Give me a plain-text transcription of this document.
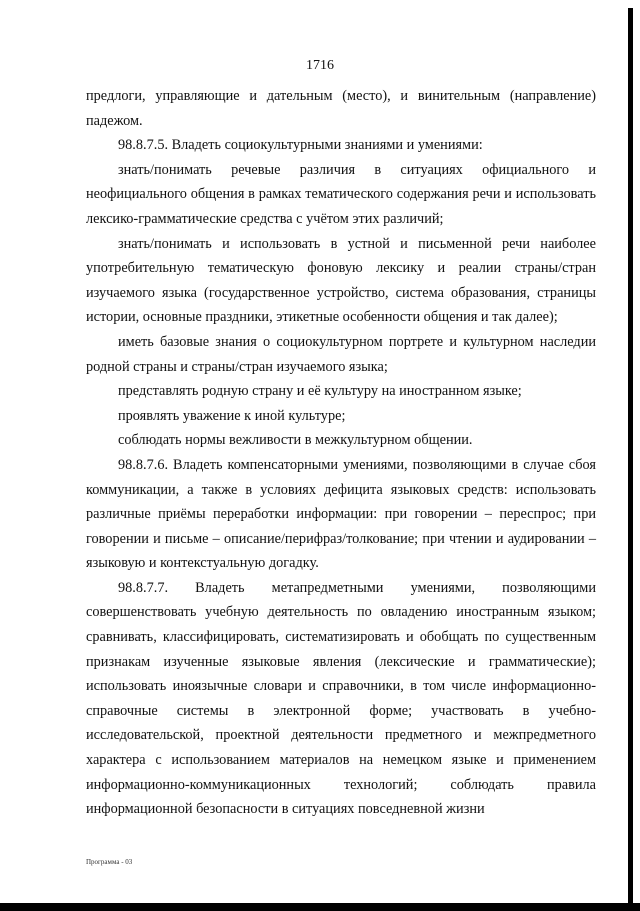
1716

предлоги, управляющие и дательным (место), и винительным (направление) падежом.

98.8.7.5. Владеть социокультурными знаниями и умениями:

знать/понимать речевые различия в ситуациях официального и неофициального общения в рамках тематического содержания речи и использовать лексико-грамматические средства с учётом этих различий;

знать/понимать и использовать в устной и письменной речи наиболее употребительную тематическую фоновую лексику и реалии страны/стран изучаемого языка (государственное устройство, система образования, страницы истории, основные праздники, этикетные особенности общения и так далее);

иметь базовые знания о социокультурном портрете и культурном наследии родной страны и страны/стран изучаемого языка;

представлять родную страну и её культуру на иностранном языке;

проявлять уважение к иной культуре;

соблюдать нормы вежливости в межкультурном общении.

98.8.7.6. Владеть компенсаторными умениями, позволяющими в случае сбоя коммуникации, а также в условиях дефицита языковых средств: использовать различные приёмы переработки информации: при говорении – переспрос; при говорении и письме – описание/перифраз/толкование; при чтении и аудировании – языковую и контекстуальную догадку.

98.8.7.7. Владеть метапредметными умениями, позволяющими совершенствовать учебную деятельность по овладению иностранным языком; сравнивать, классифицировать, систематизировать и обобщать по существенным признакам изученные языковые явления (лексические и грамматические); использовать иноязычные словари и справочники, в том числе информационно-справочные системы в электронной форме; участвовать в учебно-исследовательской, проектной деятельности предметного и межпредметного характера с использованием материалов на немецком языке и применением информационно-коммуникационных технологий; соблюдать правила информационной безопасности в ситуациях повседневной жизни

Программа - 03
